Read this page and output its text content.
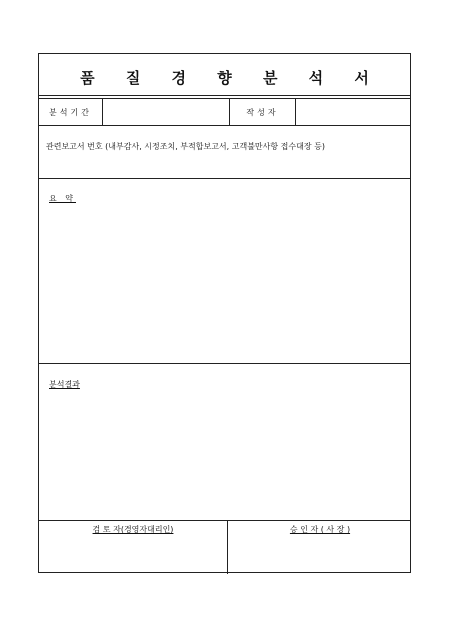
품 질 경 향 분 석 서
분석기간	작성자
관련보고서 번호 (내부감사, 시정조치, 부적합보고서, 고객불만사항 접수대장 등)
요 약
분석결과
검 토 자(경영자대리인)	승 인 자 ( 사 장 )
